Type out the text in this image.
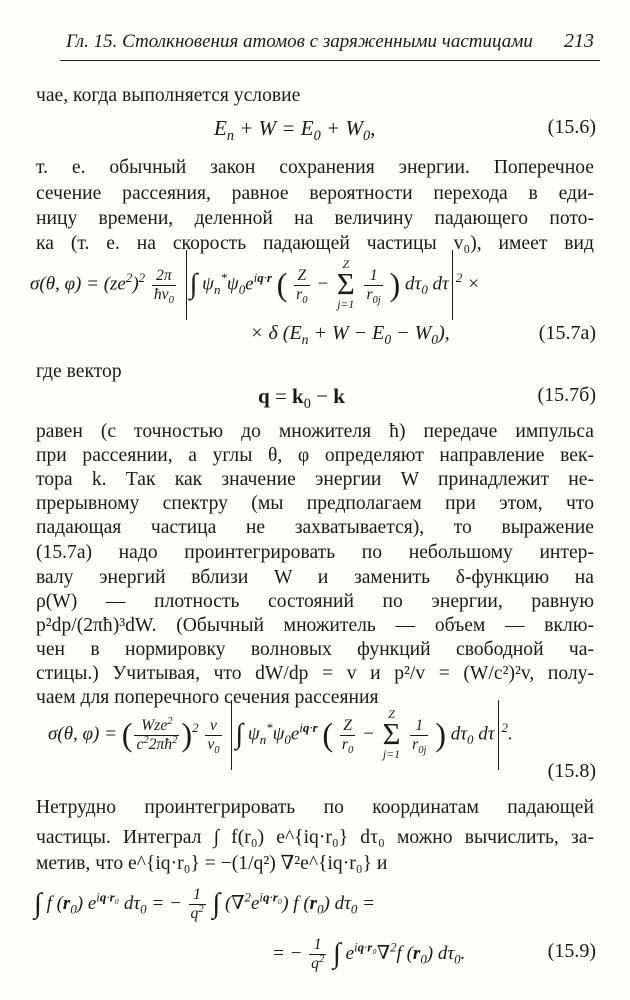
Гл. 15. Столкновения атомов с заряженными частицами 213
чае, когда выполняется условие
$E_n + W = E_0 + W_0$,	(15.6)
т. е. обычный закон сохранения энергии. Поперечное
сечение рассеяния, равное вероятности перехода в еди-
ницу времени, деленной на величину падающего пото-
ка (т. е. на скорость падающей частицы v₀), имеет вид
σ(θ, $\varphi) = (ze^2)^2 \frac{2\pi}{ħv_0}$ ∫ $\psi_n^*\psi_0e^{iq\cdot r}$ ( $\frac{Z}{r_0} - Z$
Σ
j=1
$\frac{1}{r_{0j}}$ ) $d\tau_0$ dτ $^2$ ×
× δ $(E_n + W - E_0 - W_0)$,	(15.7а)
где вектор
$q = k_0 - k$	(15.7б)
равен (с точностью до множителя ħ) передаче импульса
при рассеянии, а углы θ, φ определяют направление век-
тора k. Так как значение энергии W принадлежит не-
прерывному спектру (мы предполагаем при этом, что
падающая частица не захватывается), то выражение
(15.7а) надо проинтегрировать по небольшому интер-
валу энергий вблизи W и заменить δ-функцию на
ρ(W) — плотность состояний по энергии, равную
p²dp/(2πħ)³dW. (Обычный множитель — объем — вклю-
чен в нормировку волновых функций свободной ча-
стицы.) Учитывая, что dW/dp = v и p²/v = (W/c²)²v, полу-
чаем для поперечного сечения рассеяния
σ(θ, φ) = ( $\frac{Wze^2}{c^22\pi ħ^2} )^2 \frac{v}{v_0}$ ∫ $\psi_n^*\psi_0e^{iq\cdot r}$ ( $\frac{Z}{r_0} - Z$
Σ
j=1
$\frac{1}{r_{0j}}$ ) $d\tau_0$ dτ $^2$.
(15.8)
Нетрудно проинтегрировать по координатам падающей
частицы. Интеграл ∫ f(r₀) e^{iq·r₀} dτ₀ можно вычислить, за-
метив, что e^{iq·r₀} = −(1/q²) ∇²e^{iq·r₀} и
∫ f $(r_0)$ $e^{iq\cdot r_0}$ $d\tau_0$ = − $\frac{1}{q^2}$ ∫ $(\nabla^2e^{iq\cdot r_0})$ f $(r_0) d\tau_0$ =
= − $\frac{1}{q^2}$ ∫ $e^{iq\cdot r_0}\nabla^2f$ $(r_0)$ $d\tau_0$.	(15.9)
